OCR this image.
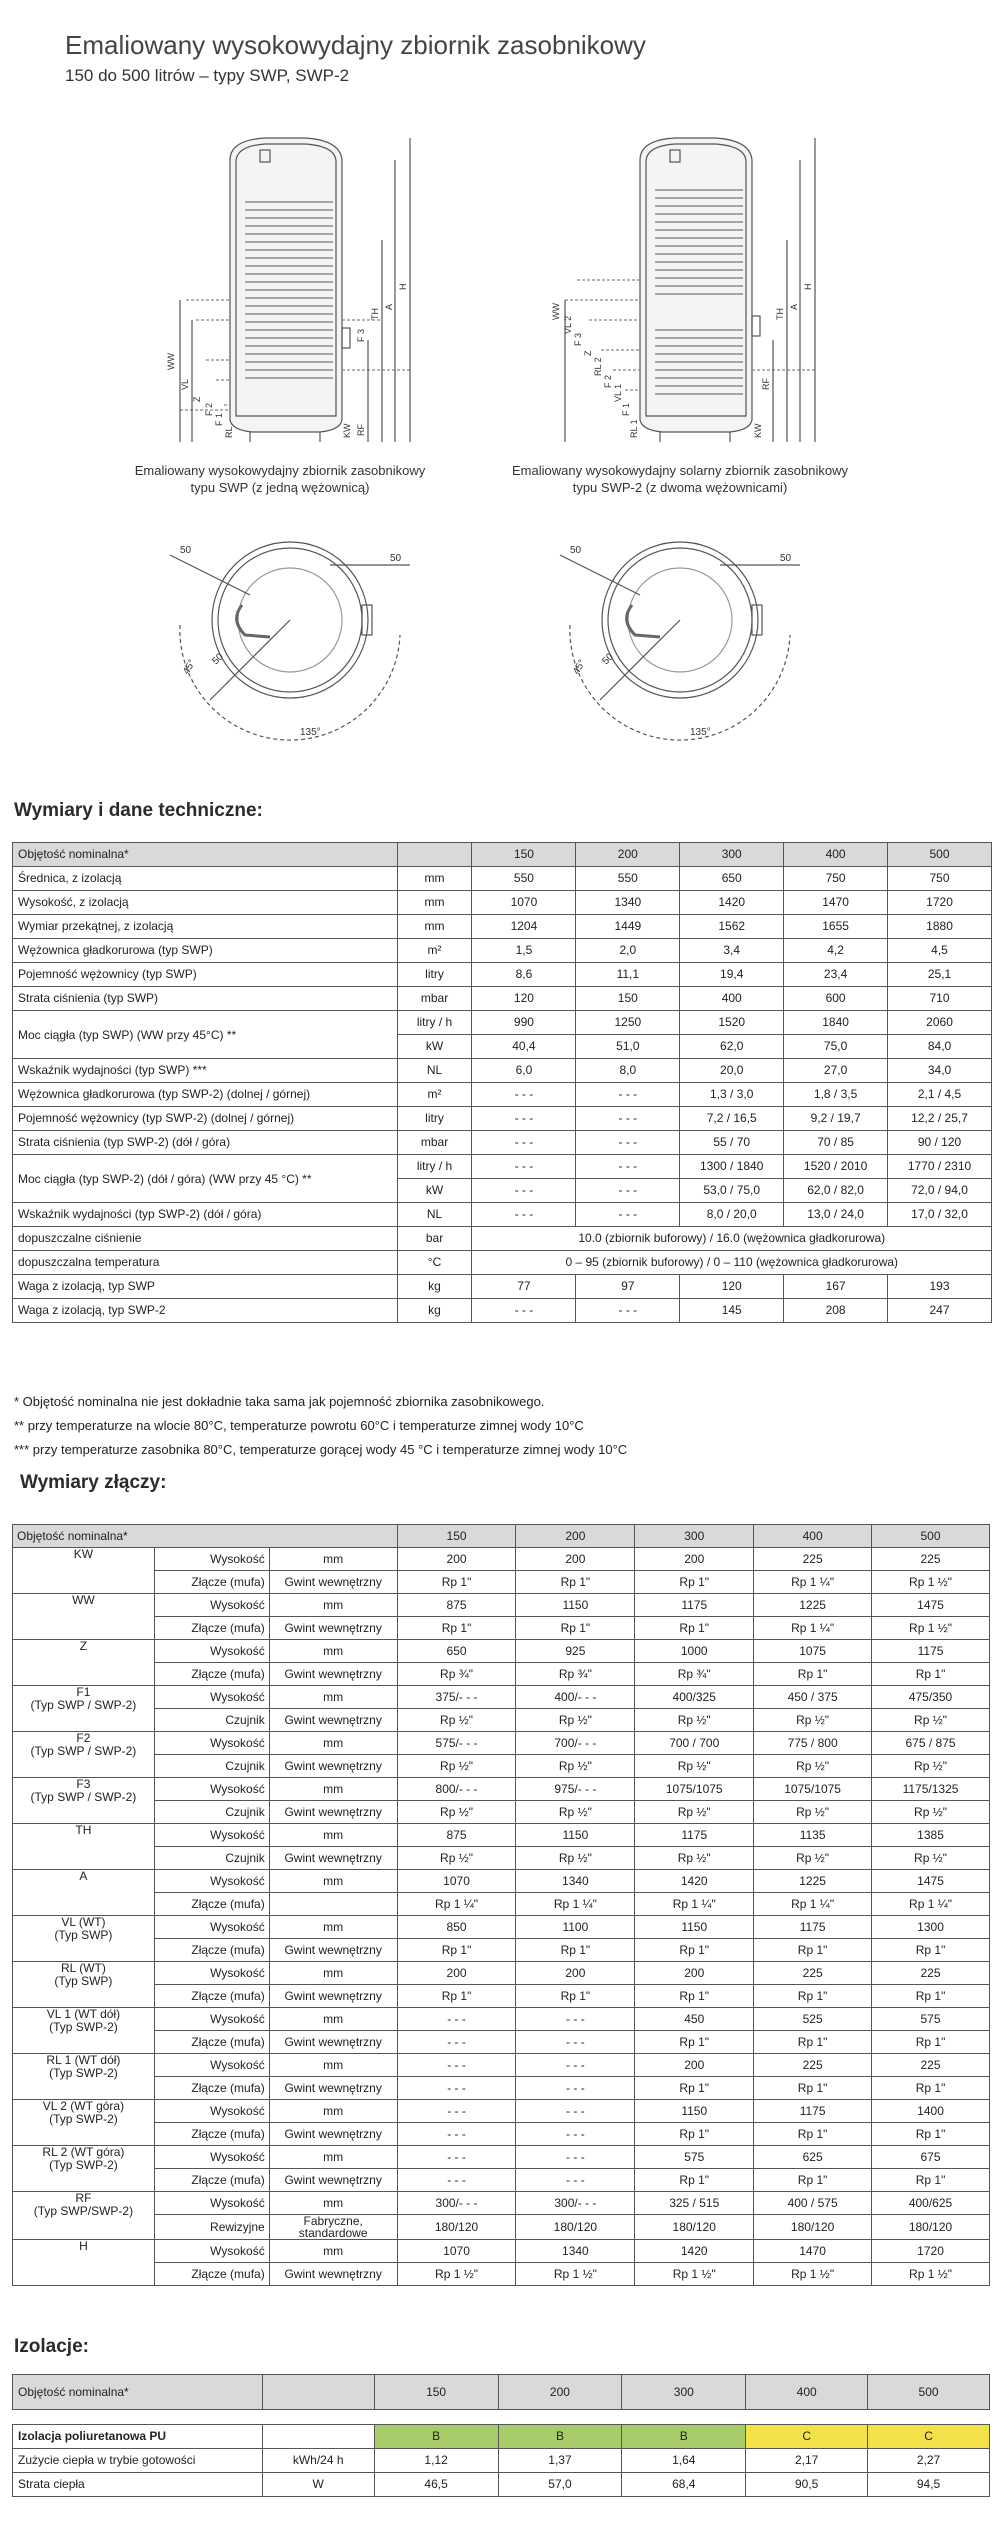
Emaliowany wysokowydajny zbiornik zasobnikowy
150 do 500 litrów – typy SWP, SWP-2
WW
VL
Z
F 2
F 1
RL	KW RF
F 3
TH
A
H
Emaliowany wysokowydajny zbiornik zasobnikowy
typu SWP (z jedną wężownicą)
WW
VL 2
F 3
Z
RL 2
F 2
VL 1
F 1
RL 1	KW
RF
TH
A
H
Emaliowany wysokowydajny solarny zbiornik zasobnikowy
typu SWP-2 (z dwoma wężownicami)
50
50
45° 50
135°
50
50
45° 50
135°
Wymiary i dane techniczne:
Objętość nominalna*		150	200	300	400	500
Średnica, z izolacją	mm	550	550	650	750	750
Wysokość, z izolacją	mm	1070	1340	1420	1470	1720
Wymiar przekątnej, z izolacją	mm	1204	1449	1562	1655	1880
Wężownica gładkorurowa (typ SWP)	m²	1,5	2,0	3,4	4,2	4,5
Pojemność wężownicy (typ SWP)	litry	8,6	11,1	19,4	23,4	25,1
Strata ciśnienia (typ SWP)	mbar	120	150	400	600	710
Moc ciągła (typ SWP) (WW przy 45°C) **	litry / h	990	1250	1520	1840	2060
	kW	40,4	51,0	62,0	75,0	84,0
Wskaźnik wydajności (typ SWP) ***	NL	6,0	8,0	20,0	27,0	34,0
Wężownica gładkorurowa (typ SWP-2) (dolnej / górnej)	m²	- - -	- - -	1,3 / 3,0	1,8 / 3,5	2,1 / 4,5
Pojemność wężownicy (typ SWP-2) (dolnej / górnej)	litry	- - -	- - -	7,2 / 16,5	9,2 / 19,7	12,2 / 25,7
Strata ciśnienia (typ SWP-2) (dół / góra)	mbar	- - -	- - -	55 / 70	70 / 85	90 / 120
Moc ciągła (typ SWP-2) (dół / góra) (WW przy 45 °C) **	litry / h	- - -	- - -	1300 / 1840	1520 / 2010	1770 / 2310
	kW	- - -	- - -	53,0 / 75,0	62,0 / 82,0	72,0 / 94,0
Wskaźnik wydajności (typ SWP-2) (dół / góra)	NL	- - -	- - -	8,0 / 20,0	13,0 / 24,0	17,0 / 32,0
dopuszczalne ciśnienie	bar	10.0 (zbiornik buforowy) / 16.0 (wężownica gładkorurowa)				
dopuszczalna temperatura	°C	0 – 95 (zbiornik buforowy) / 0 – 110 (wężownica gładkorurowa)				
Waga z izolacją, typ SWP	kg	77	97	120	167	193
Waga z izolacją, typ SWP-2	kg	- - -	- - -	145	208	247
* Objętość nominalna nie jest dokładnie taka sama jak pojemność zbiornika zasobnikowego.
** przy temperaturze na wlocie 80°C, temperaturze powrotu 60°C i temperaturze zimnej wody 10°C
*** przy temperaturze zasobnika 80°C, temperaturze gorącej wody 45 °C i temperaturze zimnej wody 10°C
Wymiary złączy:
Objętość nominalna*			150	200	300	400	500

KW	Wysokość	mm	200	200	200	225	225
	Złącze (mufa)	Gwint wewnętrzny	Rp 1"	Rp 1"	Rp 1"	Rp 1 ¼"	Rp 1 ½"

WW	Wysokość	mm	875	1150	1175	1225	1475
	Złącze (mufa)	Gwint wewnętrzny	Rp 1"	Rp 1"	Rp 1"	Rp 1 ¼"	Rp 1 ½"

Z	Wysokość	mm	650	925	1000	1075	1175
	Złącze (mufa)	Gwint wewnętrzny	Rp ¾"	Rp ¾"	Rp ¾"	Rp 1"	Rp 1"

F1
(Typ SWP / SWP-2)	Wysokość	mm	375/- - -	400/- - -	400/325	450 / 375	475/350
	Czujnik	Gwint wewnętrzny	Rp ½"	Rp ½"	Rp ½"	Rp ½"	Rp ½"

F2
(Typ SWP / SWP-2)	Wysokość	mm	575/- - -	700/- - -	700 / 700	775 / 800	675 / 875
	Czujnik	Gwint wewnętrzny	Rp ½"	Rp ½"	Rp ½"	Rp ½"	Rp ½"

F3
(Typ SWP / SWP-2)	Wysokość	mm	800/- - -	975/- - -	1075/1075	1075/1075	1175/1325
	Czujnik	Gwint wewnętrzny	Rp ½"	Rp ½"	Rp ½"	Rp ½"	Rp ½"

TH	Wysokość	mm	875	1150	1175	1135	1385
	Czujnik	Gwint wewnętrzny	Rp ½"	Rp ½"	Rp ½"	Rp ½"	Rp ½"

A	Wysokość	mm	1070	1340	1420	1225	1475
	Złącze (mufa)		Rp 1 ¼"	Rp 1 ¼"	Rp 1 ¼"	Rp 1 ¼"	Rp 1 ¼"

VL (WT)
(Typ SWP)	Wysokość	mm	850	1100	1150	1175	1300
	Złącze (mufa)	Gwint wewnętrzny	Rp 1"	Rp 1"	Rp 1"	Rp 1"	Rp 1"

RL (WT)
(Typ SWP)	Wysokość	mm	200	200	200	225	225
	Złącze (mufa)	Gwint wewnętrzny	Rp 1"	Rp 1"	Rp 1"	Rp 1"	Rp 1"

VL 1 (WT dół)
(Typ SWP-2)	Wysokość	mm	- - -	- - -	450	525	575
	Złącze (mufa)	Gwint wewnętrzny	- - -	- - -	Rp 1"	Rp 1"	Rp 1"

RL 1 (WT dół)
(Typ SWP-2)	Wysokość	mm	- - -	- - -	200	225	225
	Złącze (mufa)	Gwint wewnętrzny	- - -	- - -	Rp 1"	Rp 1"	Rp 1"

VL 2 (WT góra)
(Typ SWP-2)	Wysokość	mm	- - -	- - -	1150	1175	1400
	Złącze (mufa)	Gwint wewnętrzny	- - -	- - -	Rp 1"	Rp 1"	Rp 1"

RL 2 (WT góra)
(Typ SWP-2)	Wysokość	mm	- - -	- - -	575	625	675
	Złącze (mufa)	Gwint wewnętrzny	- - -	- - -	Rp 1"	Rp 1"	Rp 1"

RF
(Typ SWP/SWP-2)	Wysokość	mm	300/- - -	300/- - -	325 / 515	400 / 575	400/625
	Rewizyjne	Fabryczne, standardowe	180/120	180/120	180/120	180/120	180/120

H	Wysokość	mm	1070	1340	1420	1470	1720
	Złącze (mufa)	Gwint wewnętrzny	Rp 1 ½"	Rp 1 ½"	Rp 1 ½"	Rp 1 ½"	Rp 1 ½"
Izolacje:
Objętość nominalna*		150	200	300	400	500

Izolacja poliuretanowa PU		B	B	B	C	C
Zużycie ciepła w trybie gotowości	kWh/24 h	1,12	1,37	1,64	2,17	2,27
Strata ciepła	W	46,5	57,0	68,4	90,5	94,5
